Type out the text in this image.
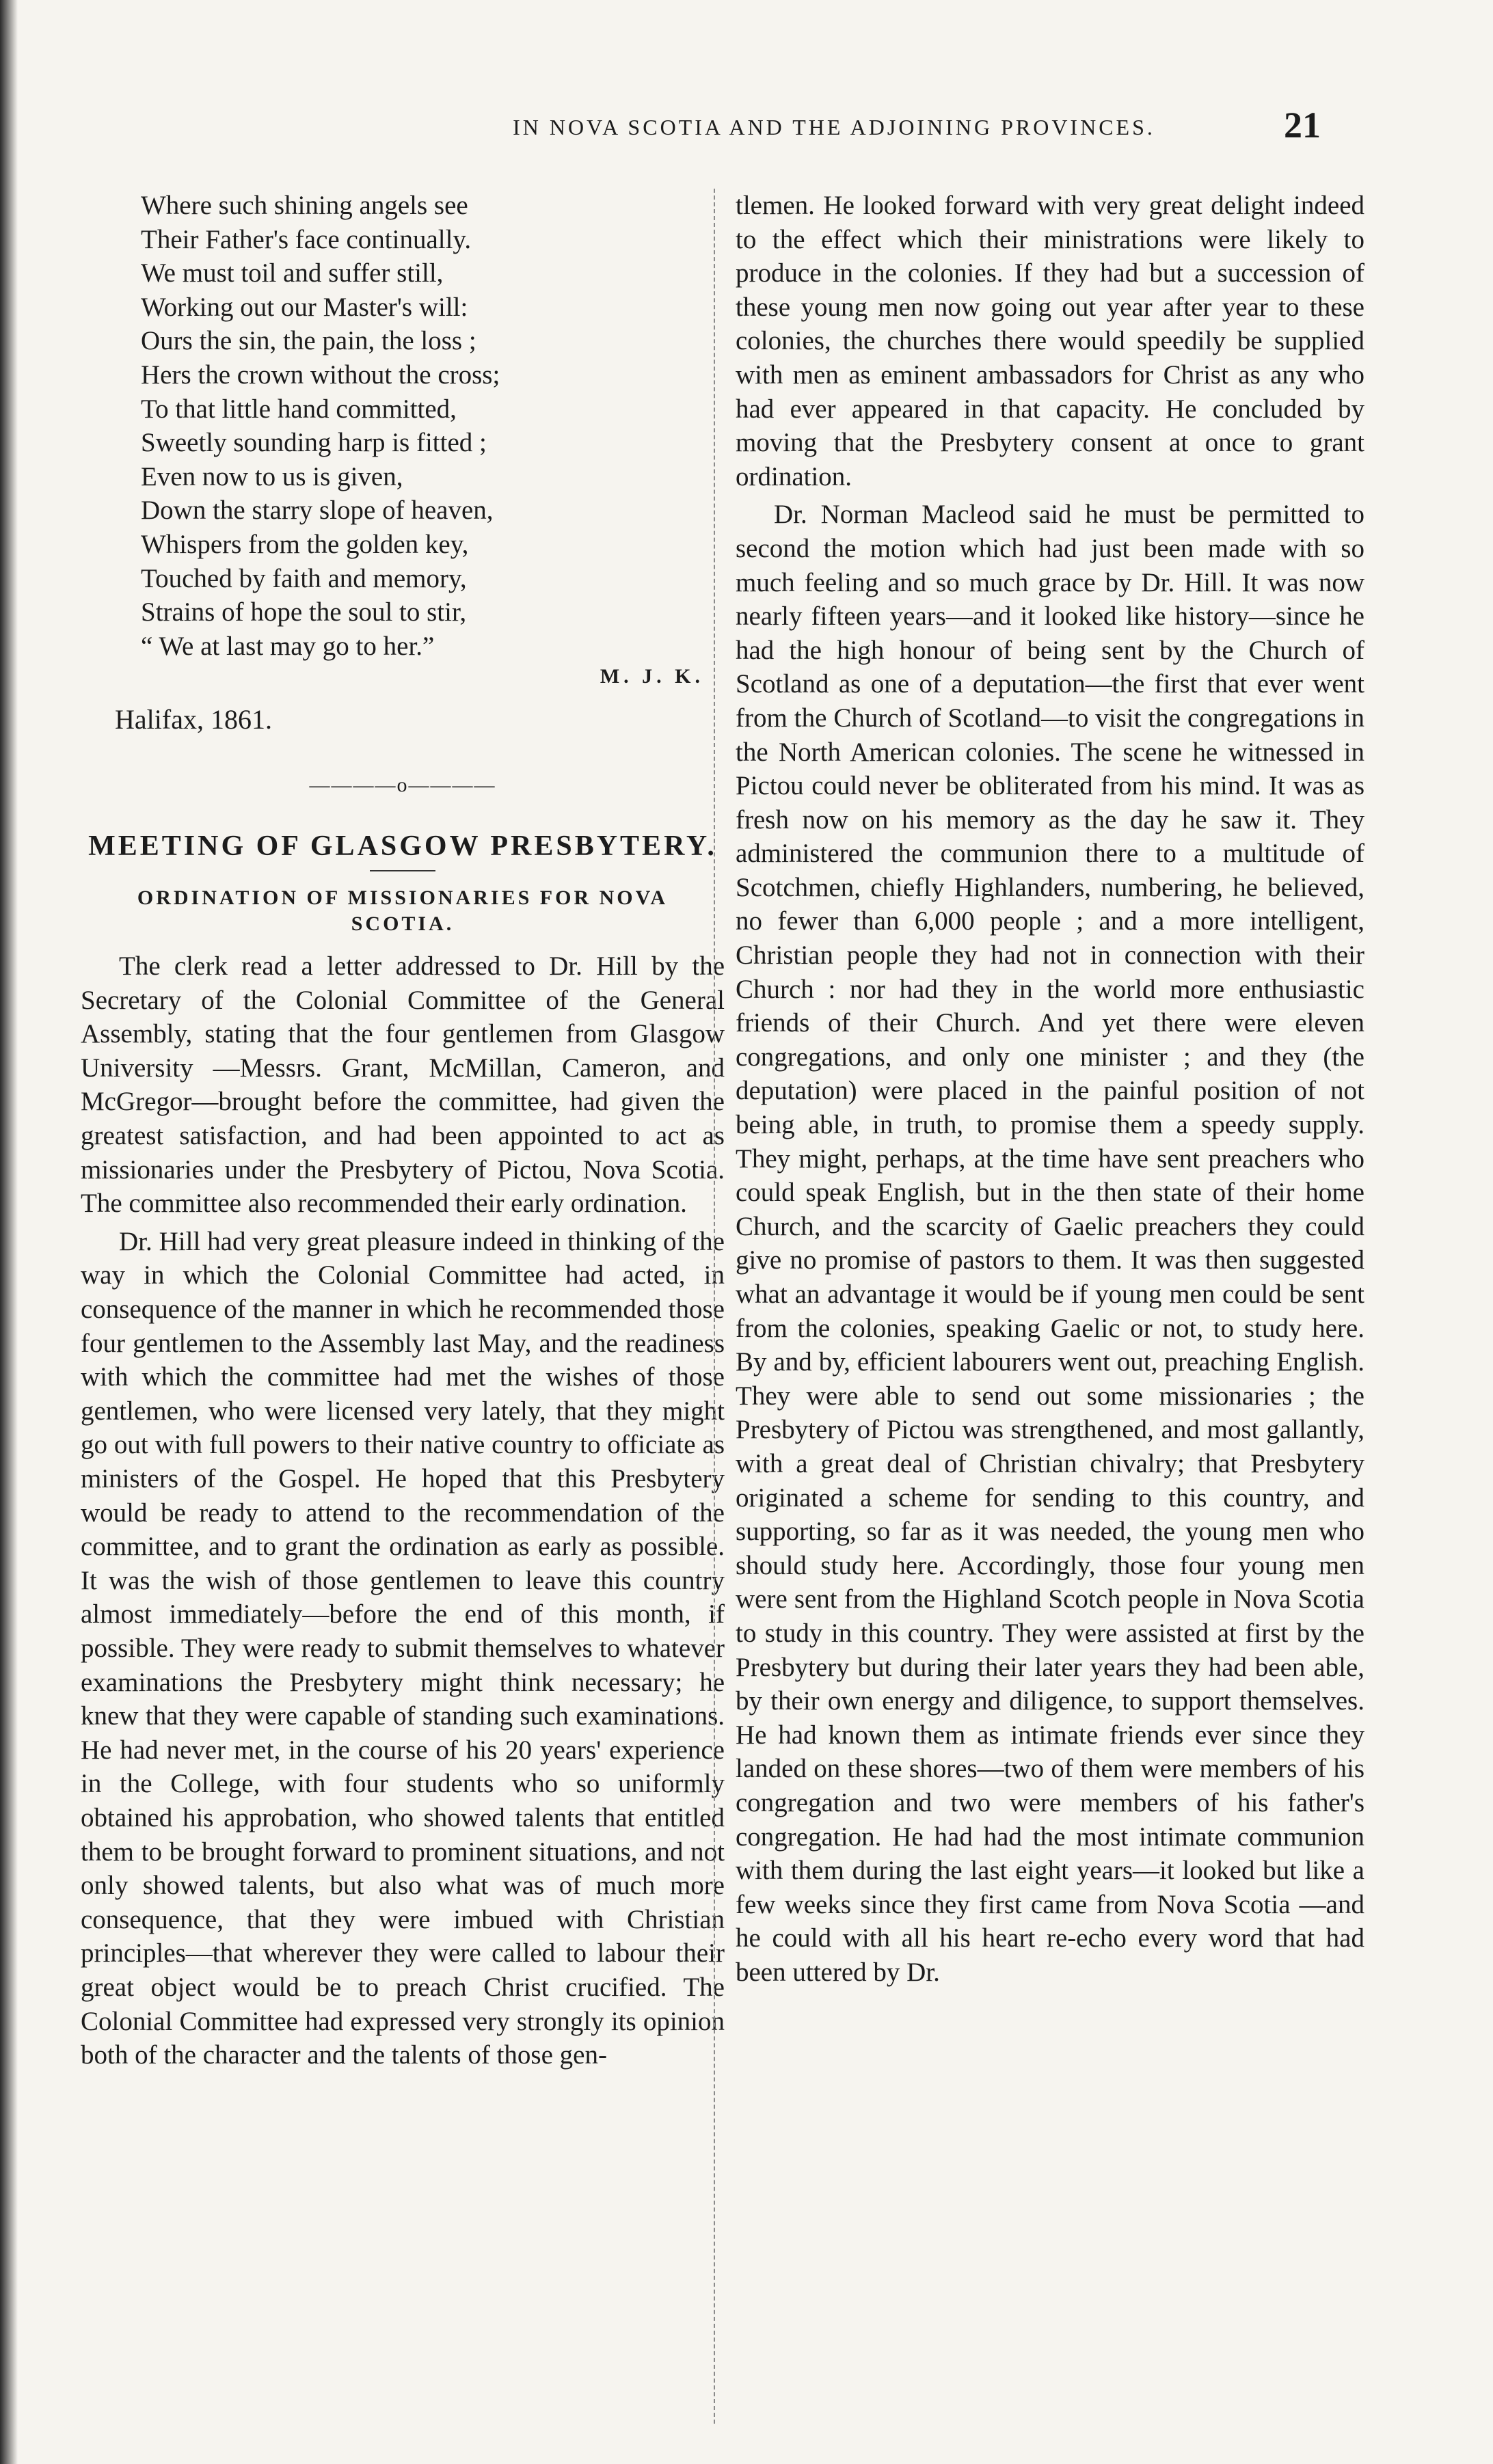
IN NOVA SCOTIA AND THE ADJOINING PROVINCES.	21
Where such shining angels see
Their Father's face continually.
We must toil and suffer still,
Working out our Master's will:
Ours the sin, the pain, the loss ;
Hers the crown without the cross;
To that little hand committed,
Sweetly sounding harp is fitted ;
Even now to us is given,
Down the starry slope of heaven,
Whispers from the golden key,
Touched by faith and memory,
Strains of hope the soul to stir,
“ We at last may go to her.”
M. J. K.
Halifax, 1861.
————o————
MEETING OF GLASGOW PRESBYTERY.
ORDINATION OF MISSIONARIES FOR NOVA SCOTIA.

The clerk read a letter addressed to Dr. Hill by the Secretary of the Colonial Committee of the General Assembly, stating that the four gentlemen from Glasgow University —Messrs. Grant, McMillan, Cameron, and McGregor—brought before the committee, had given the greatest satisfaction, and had been appointed to act as missionaries under the Presbytery of Pictou, Nova Scotia. The committee also recommended their early ordination.

Dr. Hill had very great pleasure indeed in thinking of the way in which the Colonial Committee had acted, in consequence of the manner in which he recommended those four gentlemen to the Assembly last May, and the readiness with which the committee had met the wishes of those gentlemen, who were licensed very lately, that they might go out with full powers to their native country to officiate as ministers of the Gospel. He hoped that this Presbytery would be ready to attend to the recommendation of the committee, and to grant the ordination as early as possible. It was the wish of those gentlemen to leave this country almost immediately—before the end of this month, if possible. They were ready to submit themselves to whatever examinations the Presbytery might think necessary; he knew that they were capable of standing such examinations. He had never met, in the course of his 20 years' experience in the College, with four students who so uniformly obtained his approbation, who showed talents that entitled them to be brought forward to prominent situations, and not only showed talents, but also what was of much more consequence, that they were imbued with Christian principles—that wherever they were called to labour their great object would be to preach Christ crucified. The Colonial Committee had expressed very strongly its opinion both of the character and the talents of those gen-

tlemen. He looked forward with very great delight indeed to the effect which their ministrations were likely to produce in the colonies. If they had but a succession of these young men now going out year after year to these colonies, the churches there would speedily be supplied with men as eminent ambassadors for Christ as any who had ever appeared in that capacity. He concluded by moving that the Presbytery consent at once to grant ordination.

Dr. Norman Macleod said he must be permitted to second the motion which had just been made with so much feeling and so much grace by Dr. Hill. It was now nearly fifteen years—and it looked like history—since he had the high honour of being sent by the Church of Scotland as one of a deputation—the first that ever went from the Church of Scotland—to visit the congregations in the North American colonies. The scene he witnessed in Pictou could never be obliterated from his mind. It was as fresh now on his memory as the day he saw it. They administered the communion there to a multitude of Scotchmen, chiefly Highlanders, numbering, he believed, no fewer than 6,000 people ; and a more intelligent, Christian people they had not in connection with their Church : nor had they in the world more enthusiastic friends of their Church. And yet there were eleven congregations, and only one minister ; and they (the deputation) were placed in the painful position of not being able, in truth, to promise them a speedy supply. They might, perhaps, at the time have sent preachers who could speak English, but in the then state of their home Church, and the scarcity of Gaelic preachers they could give no promise of pastors to them. It was then suggested what an advantage it would be if young men could be sent from the colonies, speaking Gaelic or not, to study here. By and by, efficient labourers went out, preaching English. They were able to send out some missionaries ; the Presbytery of Pictou was strengthened, and most gallantly, with a great deal of Christian chivalry; that Presbytery originated a scheme for sending to this country, and supporting, so far as it was needed, the young men who should study here. Accordingly, those four young men were sent from the Highland Scotch people in Nova Scotia to study in this country. They were assisted at first by the Presbytery but during their later years they had been able, by their own energy and diligence, to support themselves. He had known them as intimate friends ever since they landed on these shores—two of them were members of his congregation and two were members of his father's congregation. He had had the most intimate communion with them during the last eight years—it looked but like a few weeks since they first came from Nova Scotia —and he could with all his heart re-echo every word that had been uttered by Dr.
